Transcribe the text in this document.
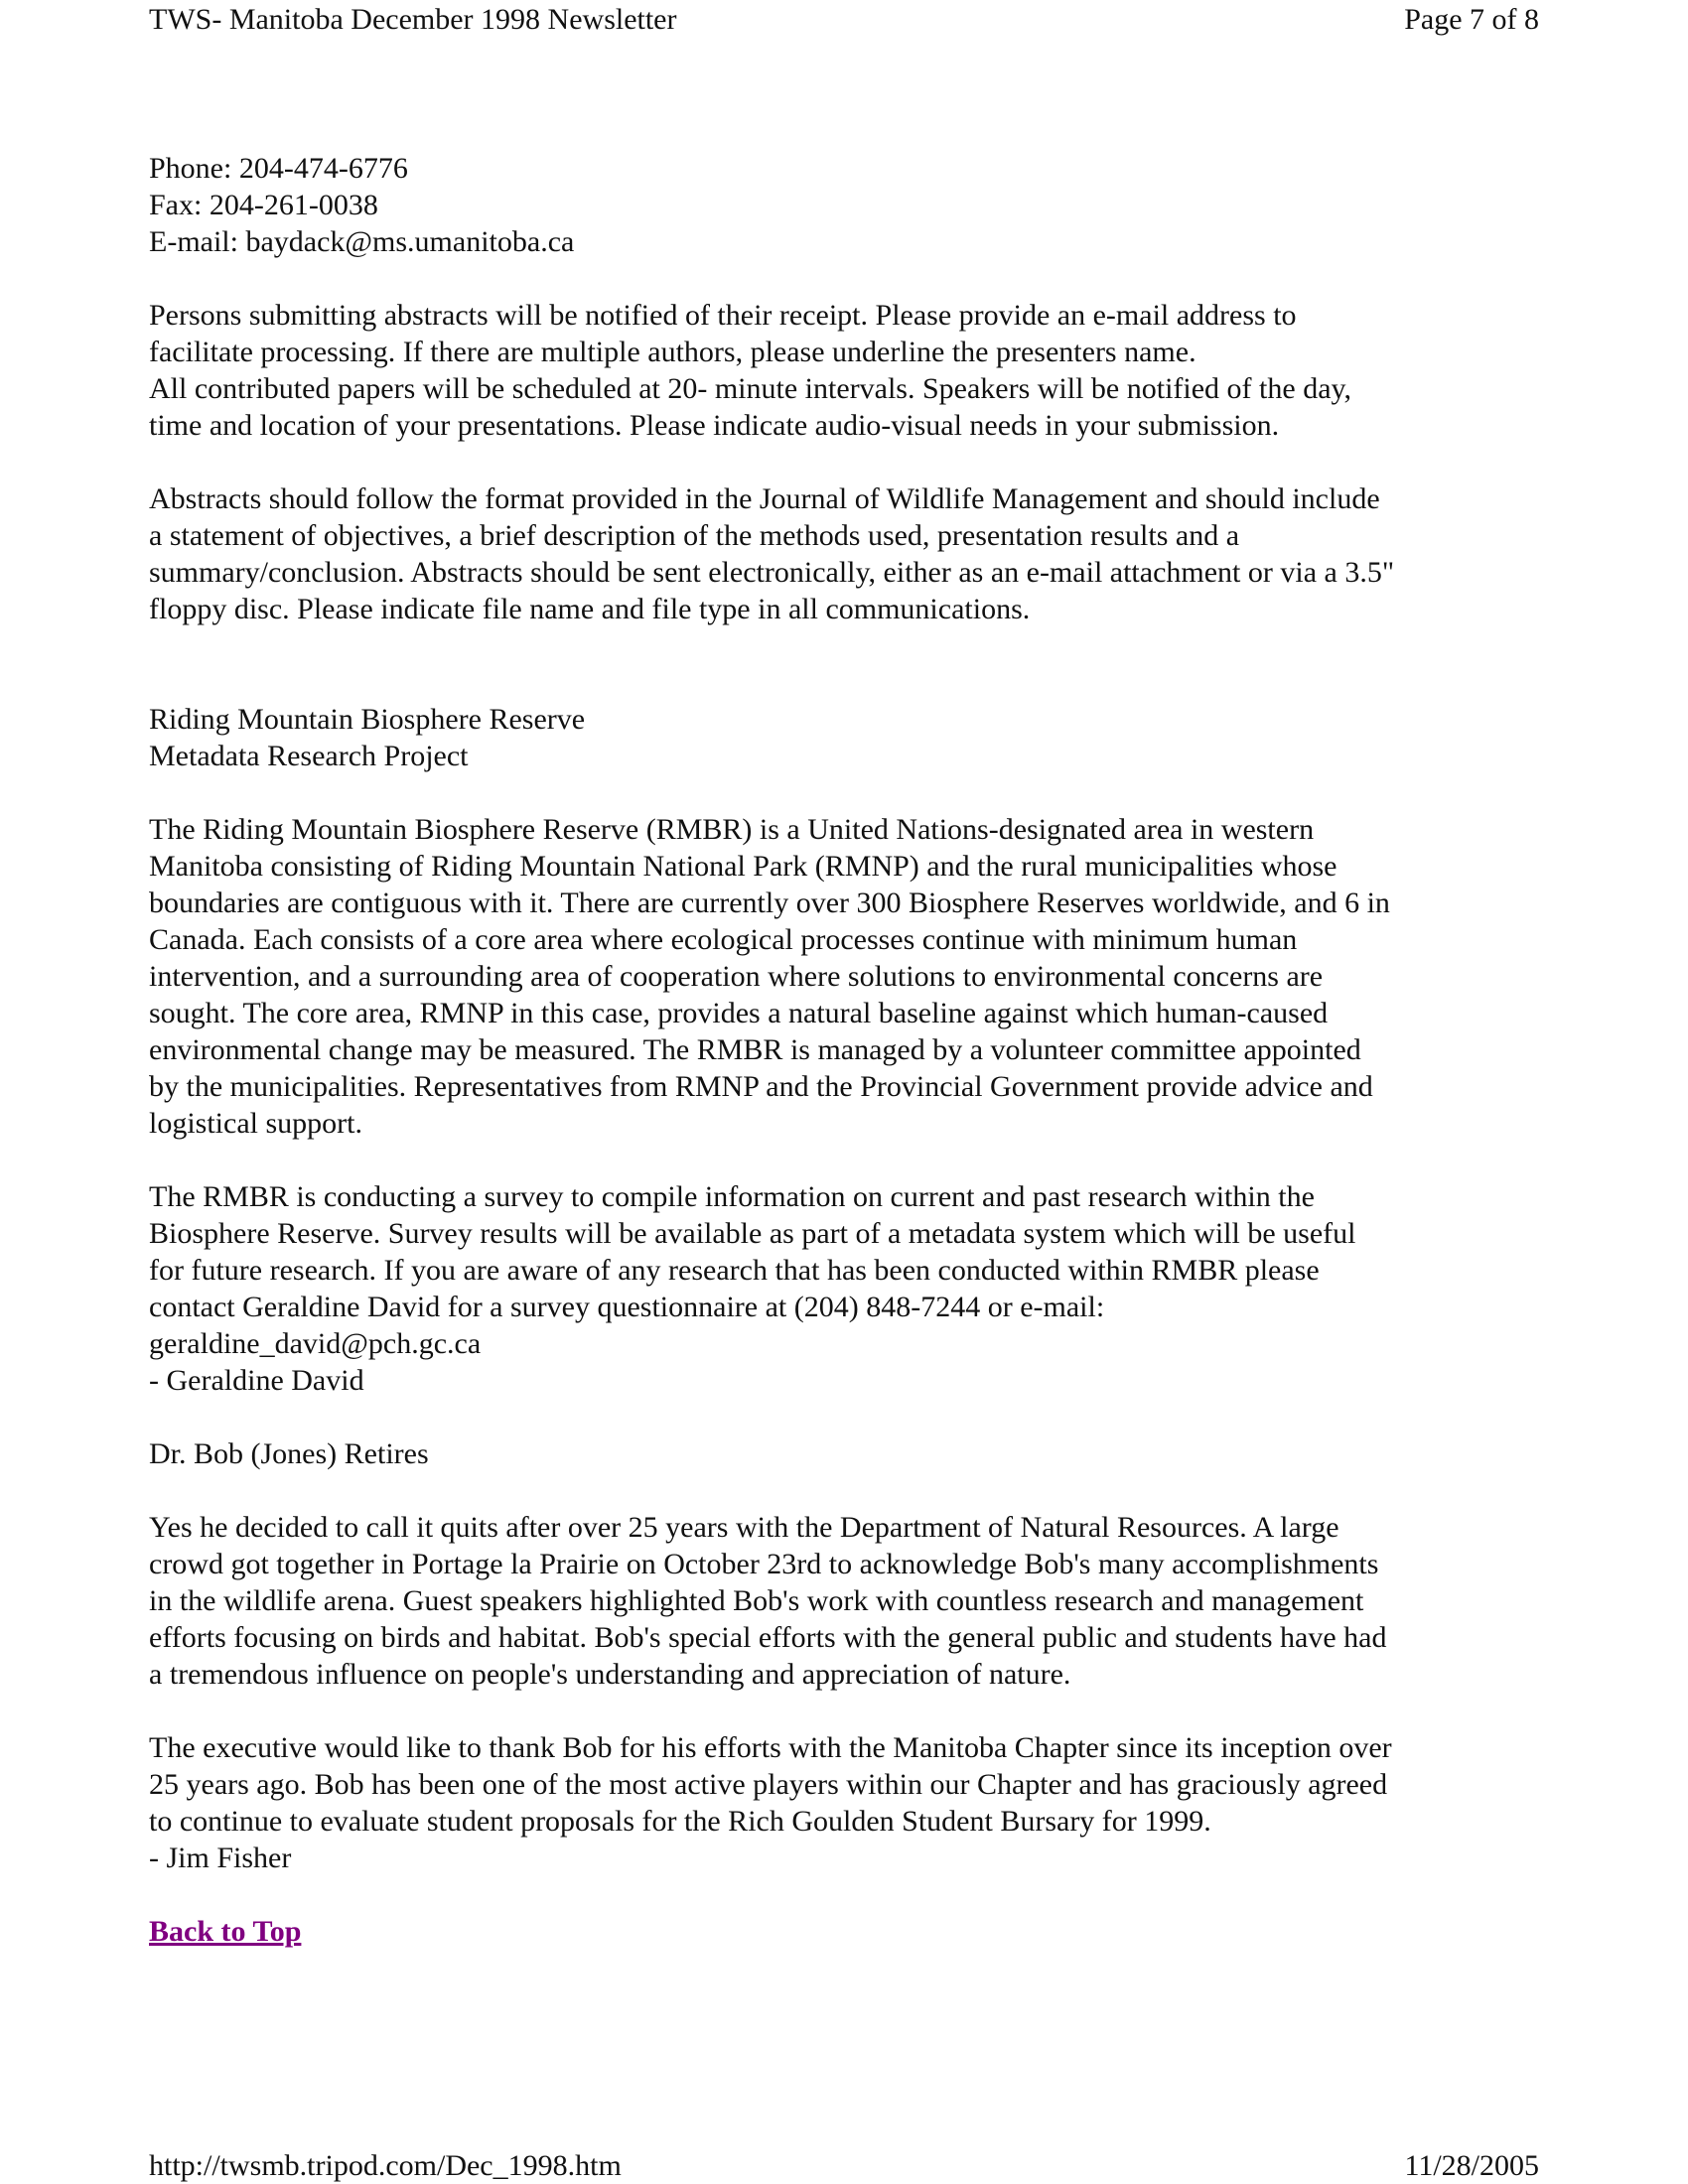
TWS- Manitoba December 1998 Newsletter	Page 7 of 8

Phone: 204-474-6776
Fax: 204-261-0038
E-mail: baydack@ms.umanitoba.ca

Persons submitting abstracts will be notified of their receipt. Please provide an e-mail address to
facilitate processing. If there are multiple authors, please underline the presenters name.
All contributed papers will be scheduled at 20- minute intervals. Speakers will be notified of the day,
time and location of your presentations. Please indicate audio-visual needs in your submission.

Abstracts should follow the format provided in the Journal of Wildlife Management and should include
a statement of objectives, a brief description of the methods used, presentation results and a
summary/conclusion. Abstracts should be sent electronically, either as an e-mail attachment or via a 3.5"
floppy disc. Please indicate file name and file type in all communications.

Riding Mountain Biosphere Reserve
Metadata Research Project

The Riding Mountain Biosphere Reserve (RMBR) is a United Nations-designated area in western
Manitoba consisting of Riding Mountain National Park (RMNP) and the rural municipalities whose
boundaries are contiguous with it. There are currently over 300 Biosphere Reserves worldwide, and 6 in
Canada. Each consists of a core area where ecological processes continue with minimum human
intervention, and a surrounding area of cooperation where solutions to environmental concerns are
sought. The core area, RMNP in this case, provides a natural baseline against which human-caused
environmental change may be measured. The RMBR is managed by a volunteer committee appointed
by the municipalities. Representatives from RMNP and the Provincial Government provide advice and
logistical support.

The RMBR is conducting a survey to compile information on current and past research within the
Biosphere Reserve. Survey results will be available as part of a metadata system which will be useful
for future research. If you are aware of any research that has been conducted within RMBR please
contact Geraldine David for a survey questionnaire at (204) 848-7244 or e-mail:
geraldine_david@pch.gc.ca
- Geraldine David

Dr. Bob (Jones) Retires

Yes he decided to call it quits after over 25 years with the Department of Natural Resources. A large
crowd got together in Portage la Prairie on October 23rd to acknowledge Bob's many accomplishments
in the wildlife arena. Guest speakers highlighted Bob's work with countless research and management
efforts focusing on birds and habitat. Bob's special efforts with the general public and students have had
a tremendous influence on people's understanding and appreciation of nature.

The executive would like to thank Bob for his efforts with the Manitoba Chapter since its inception over
25 years ago. Bob has been one of the most active players within our Chapter and has graciously agreed
to continue to evaluate student proposals for the Rich Goulden Student Bursary for 1999.
- Jim Fisher

Back to Top

http://twsmb.tripod.com/Dec_1998.htm	11/28/2005
